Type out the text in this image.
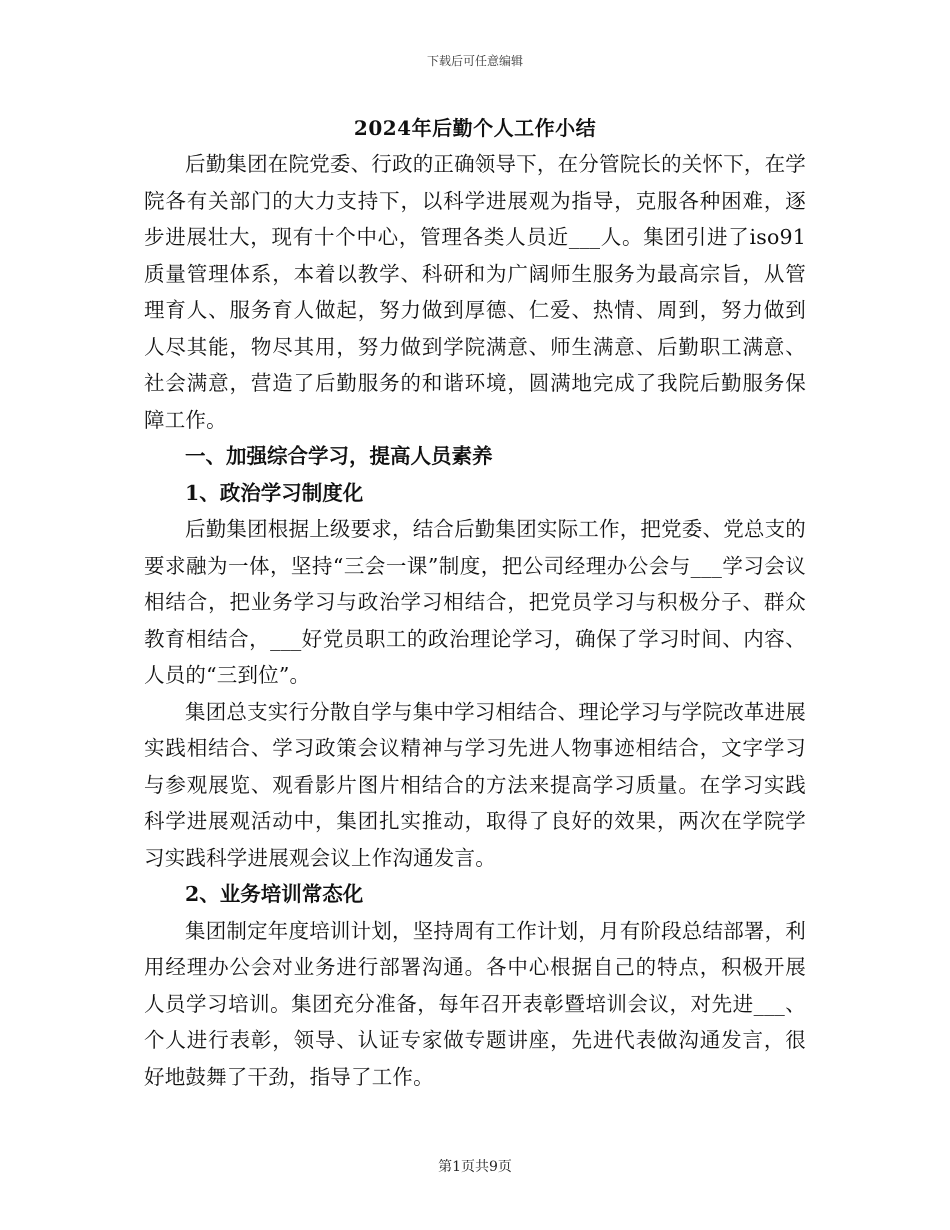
下载后可任意编辑
2024年后勤个人工作小结

后勤集团在院党委、行政的正确领导下，在分管院长的关怀下，在学院各有关部门的大力支持下，以科学进展观为指导，克服各种困难，逐步进展壮大，现有十个中心，管理各类人员近___人。集团引进了iso91质量管理体系，本着以教学、科研和为广阔师生服务为最高宗旨，从管理育人、服务育人做起，努力做到厚德、仁爱、热情、周到，努力做到人尽其能，物尽其用，努力做到学院满意、师生满意、后勤职工满意、社会满意，营造了后勤服务的和谐环境，圆满地完成了我院后勤服务保障工作。

一、加强综合学习，提高人员素养

1、政治学习制度化

后勤集团根据上级要求，结合后勤集团实际工作，把党委、党总支的要求融为一体，坚持“三会一课”制度，把公司经理办公会与___学习会议相结合，把业务学习与政治学习相结合，把党员学习与积极分子、群众教育相结合，___好党员职工的政治理论学习，确保了学习时间、内容、人员的“三到位”。

集团总支实行分散自学与集中学习相结合、理论学习与学院改革进展实践相结合、学习政策会议精神与学习先进人物事迹相结合，文字学习与参观展览、观看影片图片相结合的方法来提高学习质量。在学习实践科学进展观活动中，集团扎实推动，取得了良好的效果，两次在学院学习实践科学进展观会议上作沟通发言。

2、业务培训常态化

集团制定年度培训计划，坚持周有工作计划，月有阶段总结部署，利用经理办公会对业务进行部署沟通。各中心根据自己的特点，积极开展人员学习培训。集团充分准备，每年召开表彰暨培训会议，对先进___、个人进行表彰，领导、认证专家做专题讲座，先进代表做沟通发言，很好地鼓舞了干劲，指导了工作。

第1页共9页
